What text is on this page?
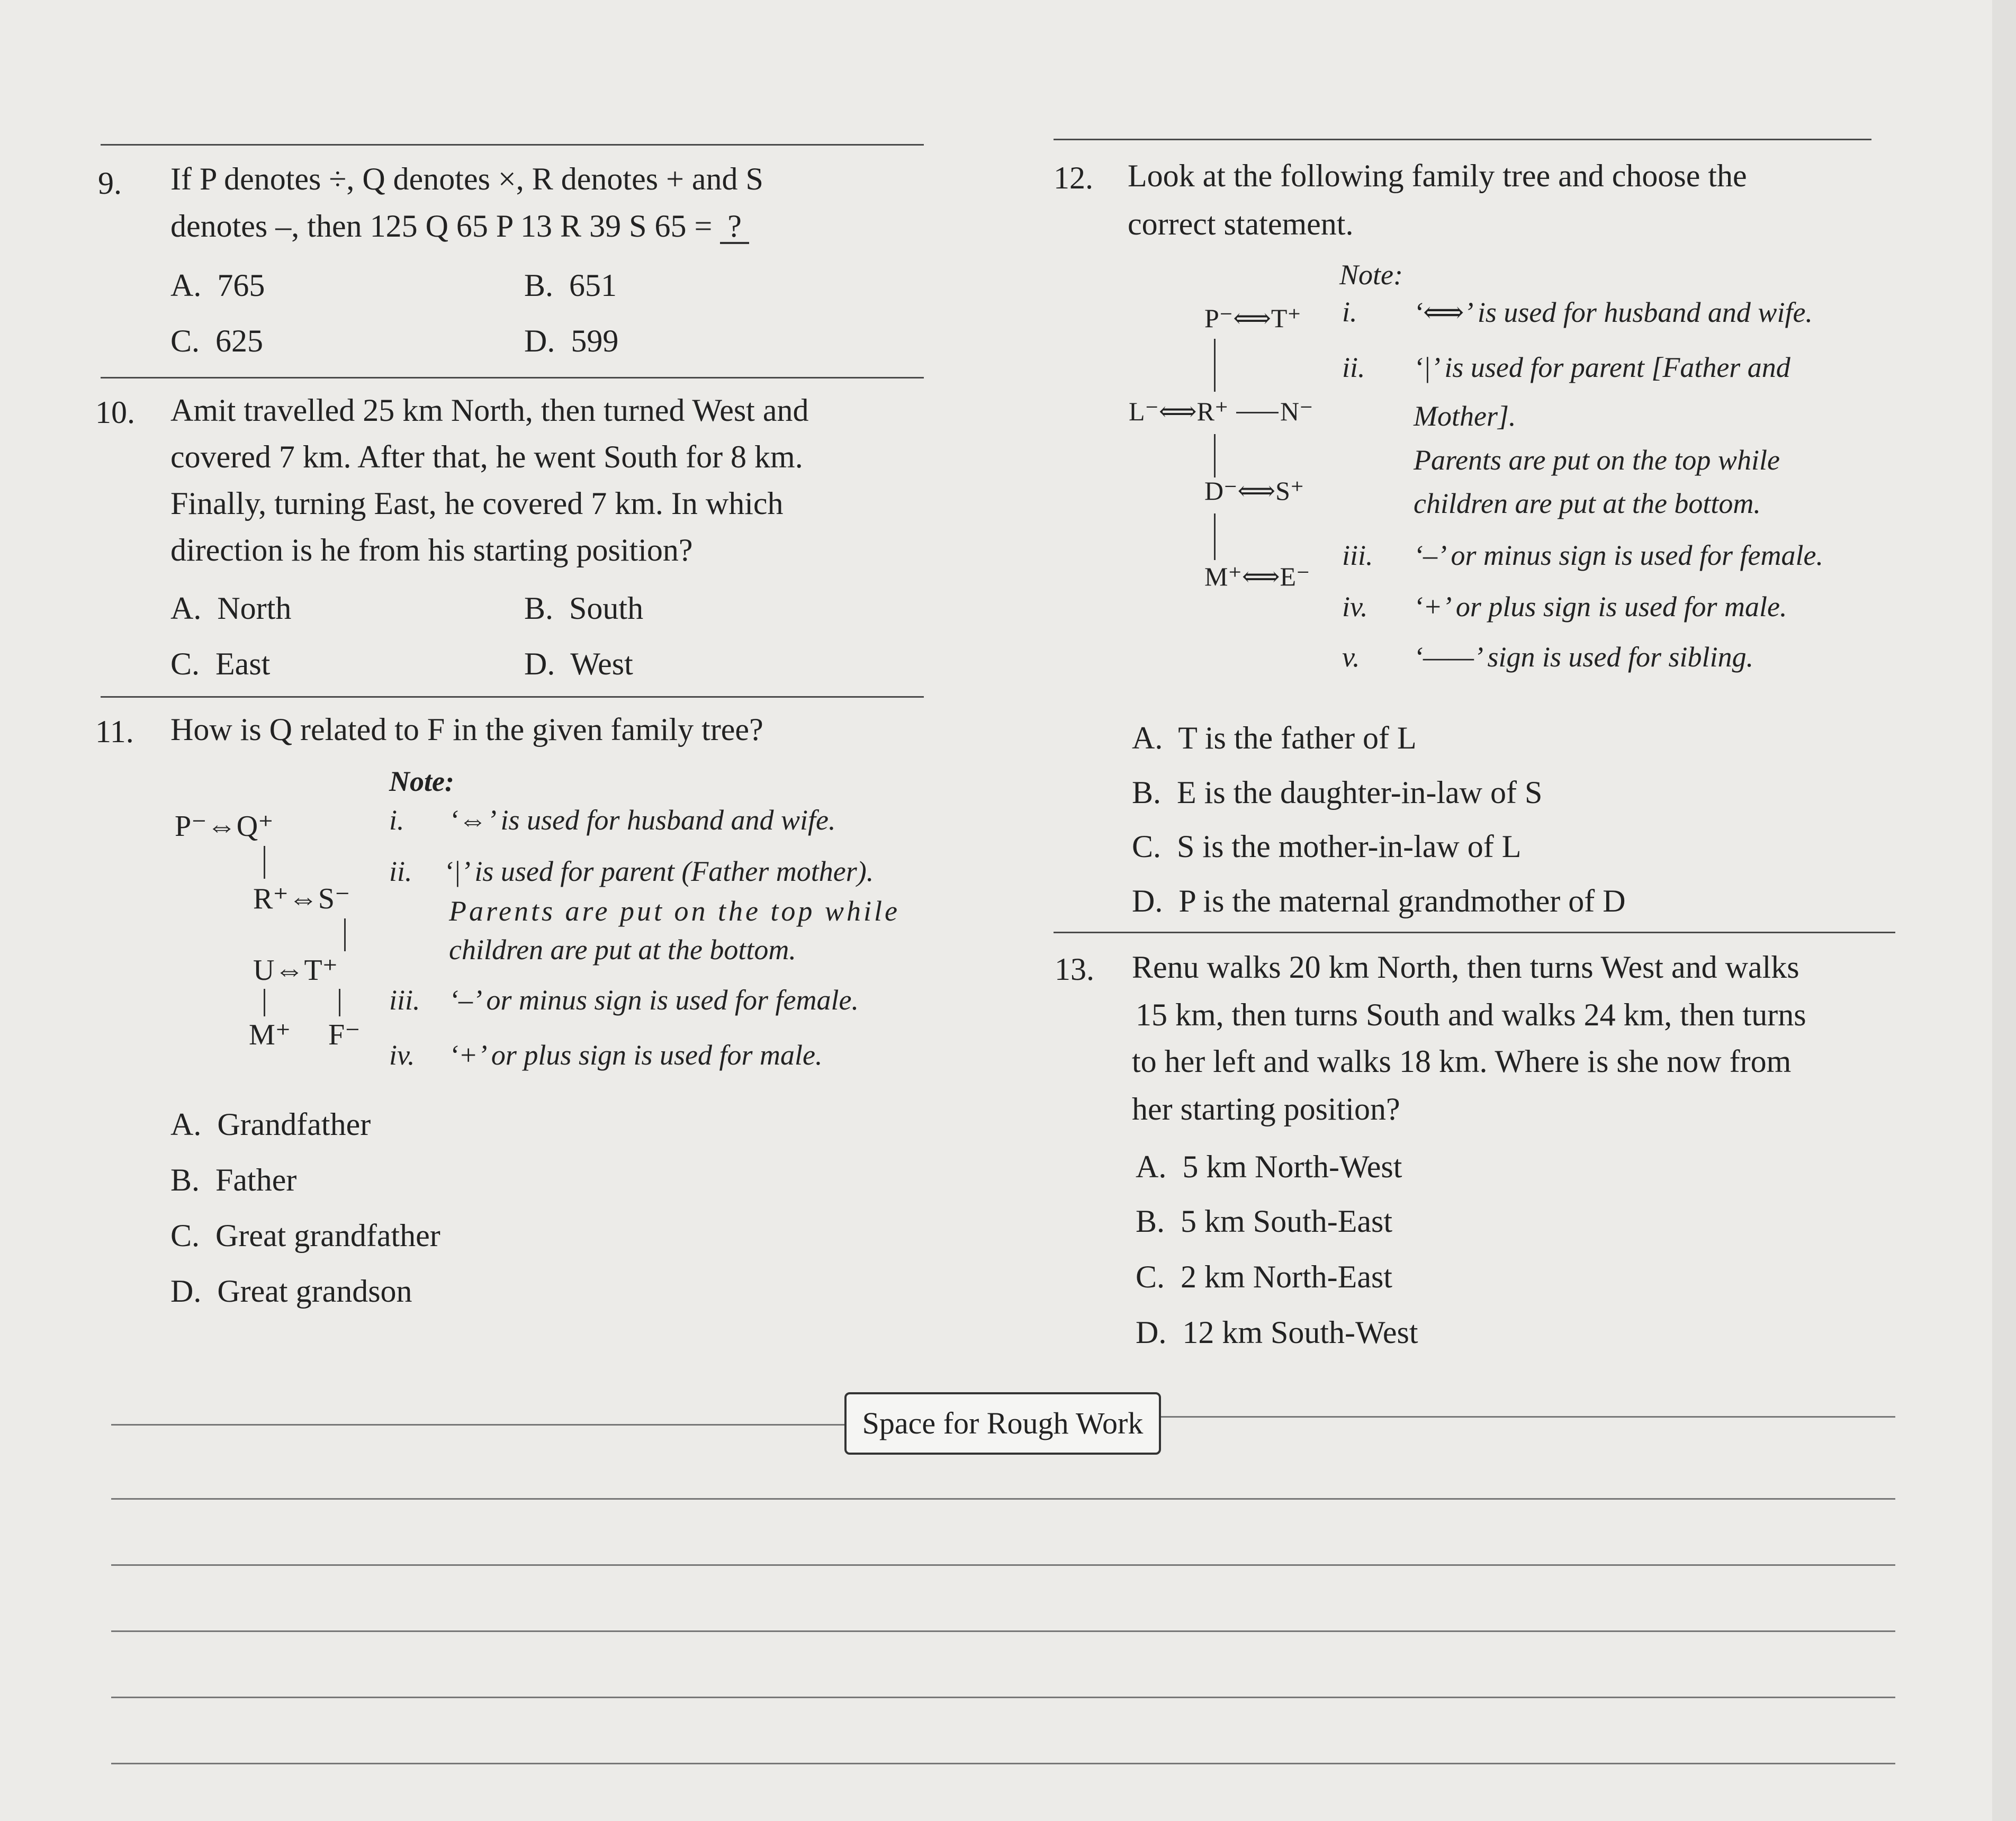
9. If P denotes ÷, Q denotes ×, R denotes + and S
denotes –, then 125 Q 65 P 13 R 39 S 65 = ?
A. 765	B. 651
C. 625	D. 599
10. Amit travelled 25 km North, then turned West and
covered 7 km. After that, he went South for 8 km.
Finally, turning East, he covered 7 km. In which
direction is he from his starting position?
A. North	B. South
C. East	D. West
11. How is Q related to F in the given family tree?
P⁻⇔Q⁺
R⁺⇔S⁻
U⇔T⁺
M⁺ F⁻
Note:
i. ‘⇔’ is used for husband and wife.
ii. ‘|’ is used for parent (Father mother).
Parents are put on the top while
children are put at the bottom.
iii. ‘–’ or minus sign is used for female.
iv. ‘+’ or plus sign is used for male.
A. Grandfather
B. Father
C. Great grandfather
D. Great grandson
12. Look at the following family tree and choose the
correct statement.
Note:
P⁻⟺T⁺
L⁻⟺R⁺ N⁻
D⁻⟺S⁺
M⁺⟺E⁻
i. ‘⟺’ is used for husband and wife.
ii. ‘|’ is used for parent [Father and
Mother].
Parents are put on the top while
children are put at the bottom.
iii. ‘–’ or minus sign is used for female.
iv. ‘+’ or plus sign is used for male.
v. ‘——’ sign is used for sibling.
A. T is the father of L
B. E is the daughter-in-law of S
C. S is the mother-in-law of L
D. P is the maternal grandmother of D
13. Renu walks 20 km North, then turns West and walks
15 km, then turns South and walks 24 km, then turns
to her left and walks 18 km. Where is she now from
her starting position?
A. 5 km North-West
B. 5 km South-East
C. 2 km North-East
D. 12 km South-West
Space for Rough Work
